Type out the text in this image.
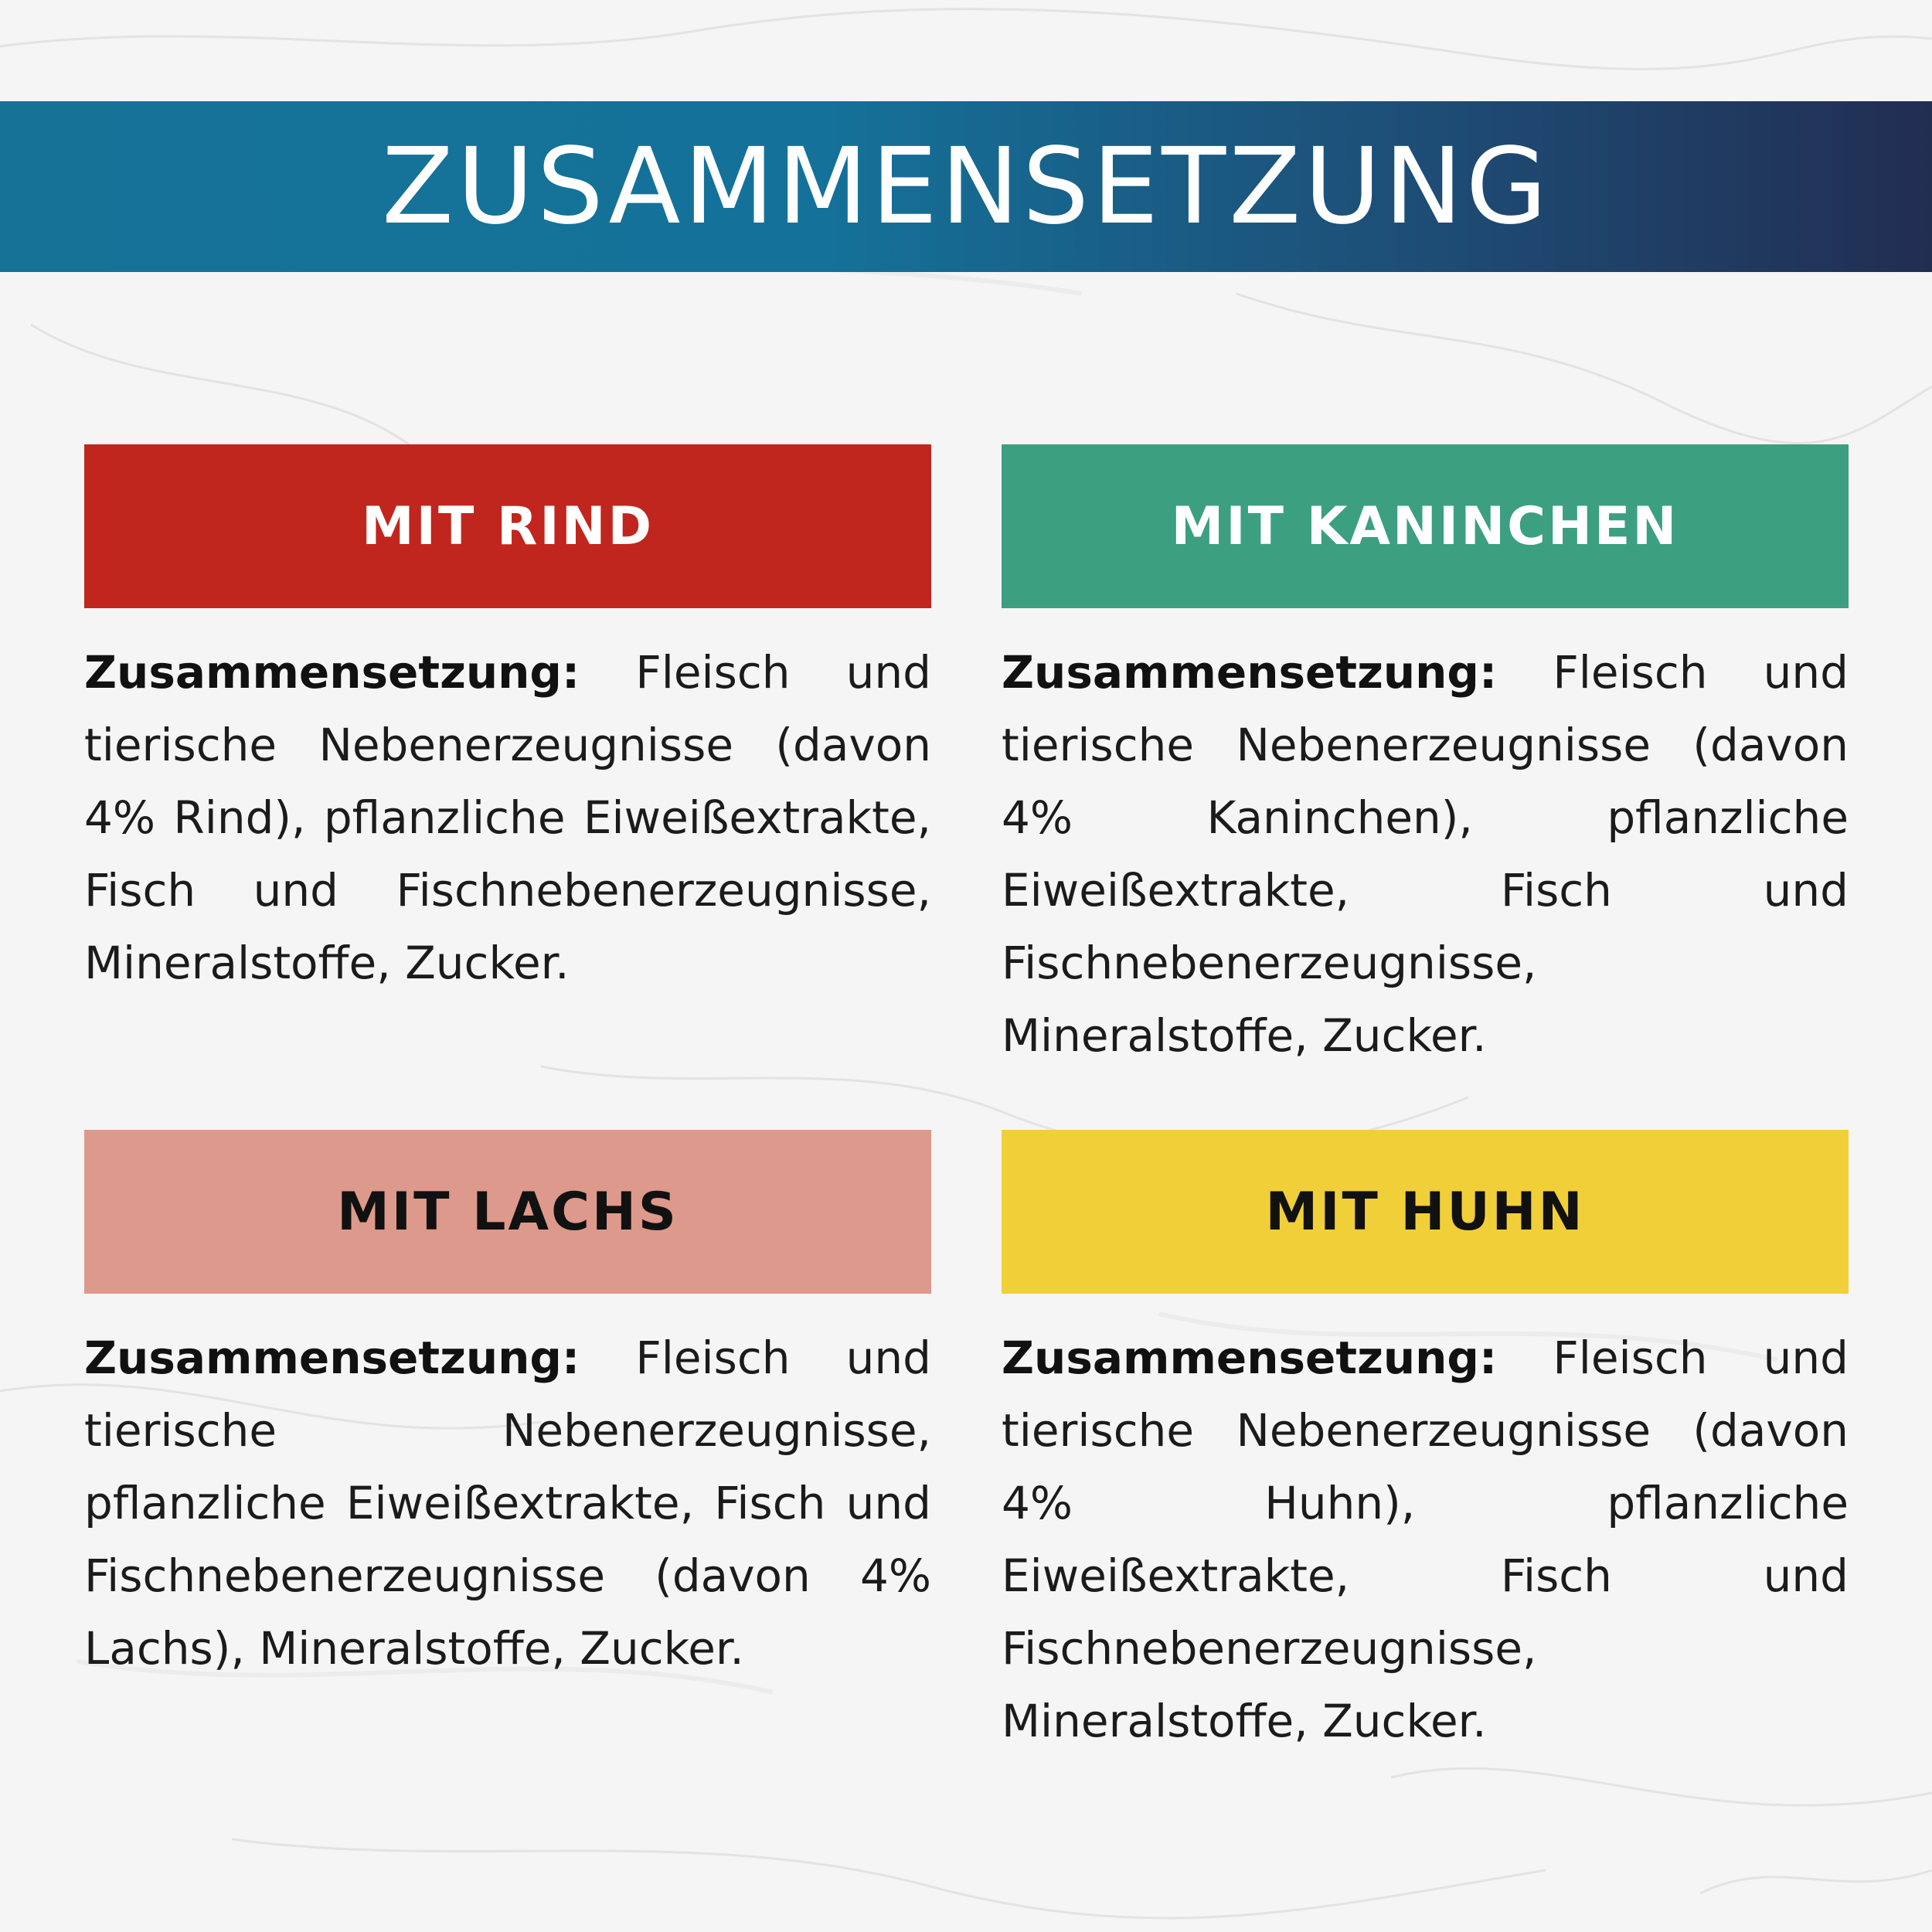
ZUSAMMENSETZUNG
MIT RIND
Zusammensetzung: Fleisch und tierische Nebenerzeugnisse (davon 4% Rind), pflanzliche Eiweißextrakte, Fisch und Fischnebenerzeugnisse, Mineralstoffe, Zucker.
MIT KANINCHEN
Zusammensetzung: Fleisch und tierische Nebenerzeugnisse (davon 4% Kaninchen), pflanzliche Eiweißextrakte, Fisch und Fischnebenerzeugnisse, Mineralstoffe, Zucker.
MIT LACHS
Zusammensetzung: Fleisch und tierische Nebenerzeugnisse, pflanzliche Eiweißextrakte, Fisch und Fischnebenerzeugnisse (davon 4% Lachs), Mineralstoffe, Zucker.
MIT HUHN
Zusammensetzung: Fleisch und tierische Nebenerzeugnisse (davon 4% Huhn), pflanzliche Eiweißextrakte, Fisch und Fischnebenerzeugnisse, Mineralstoffe, Zucker.
